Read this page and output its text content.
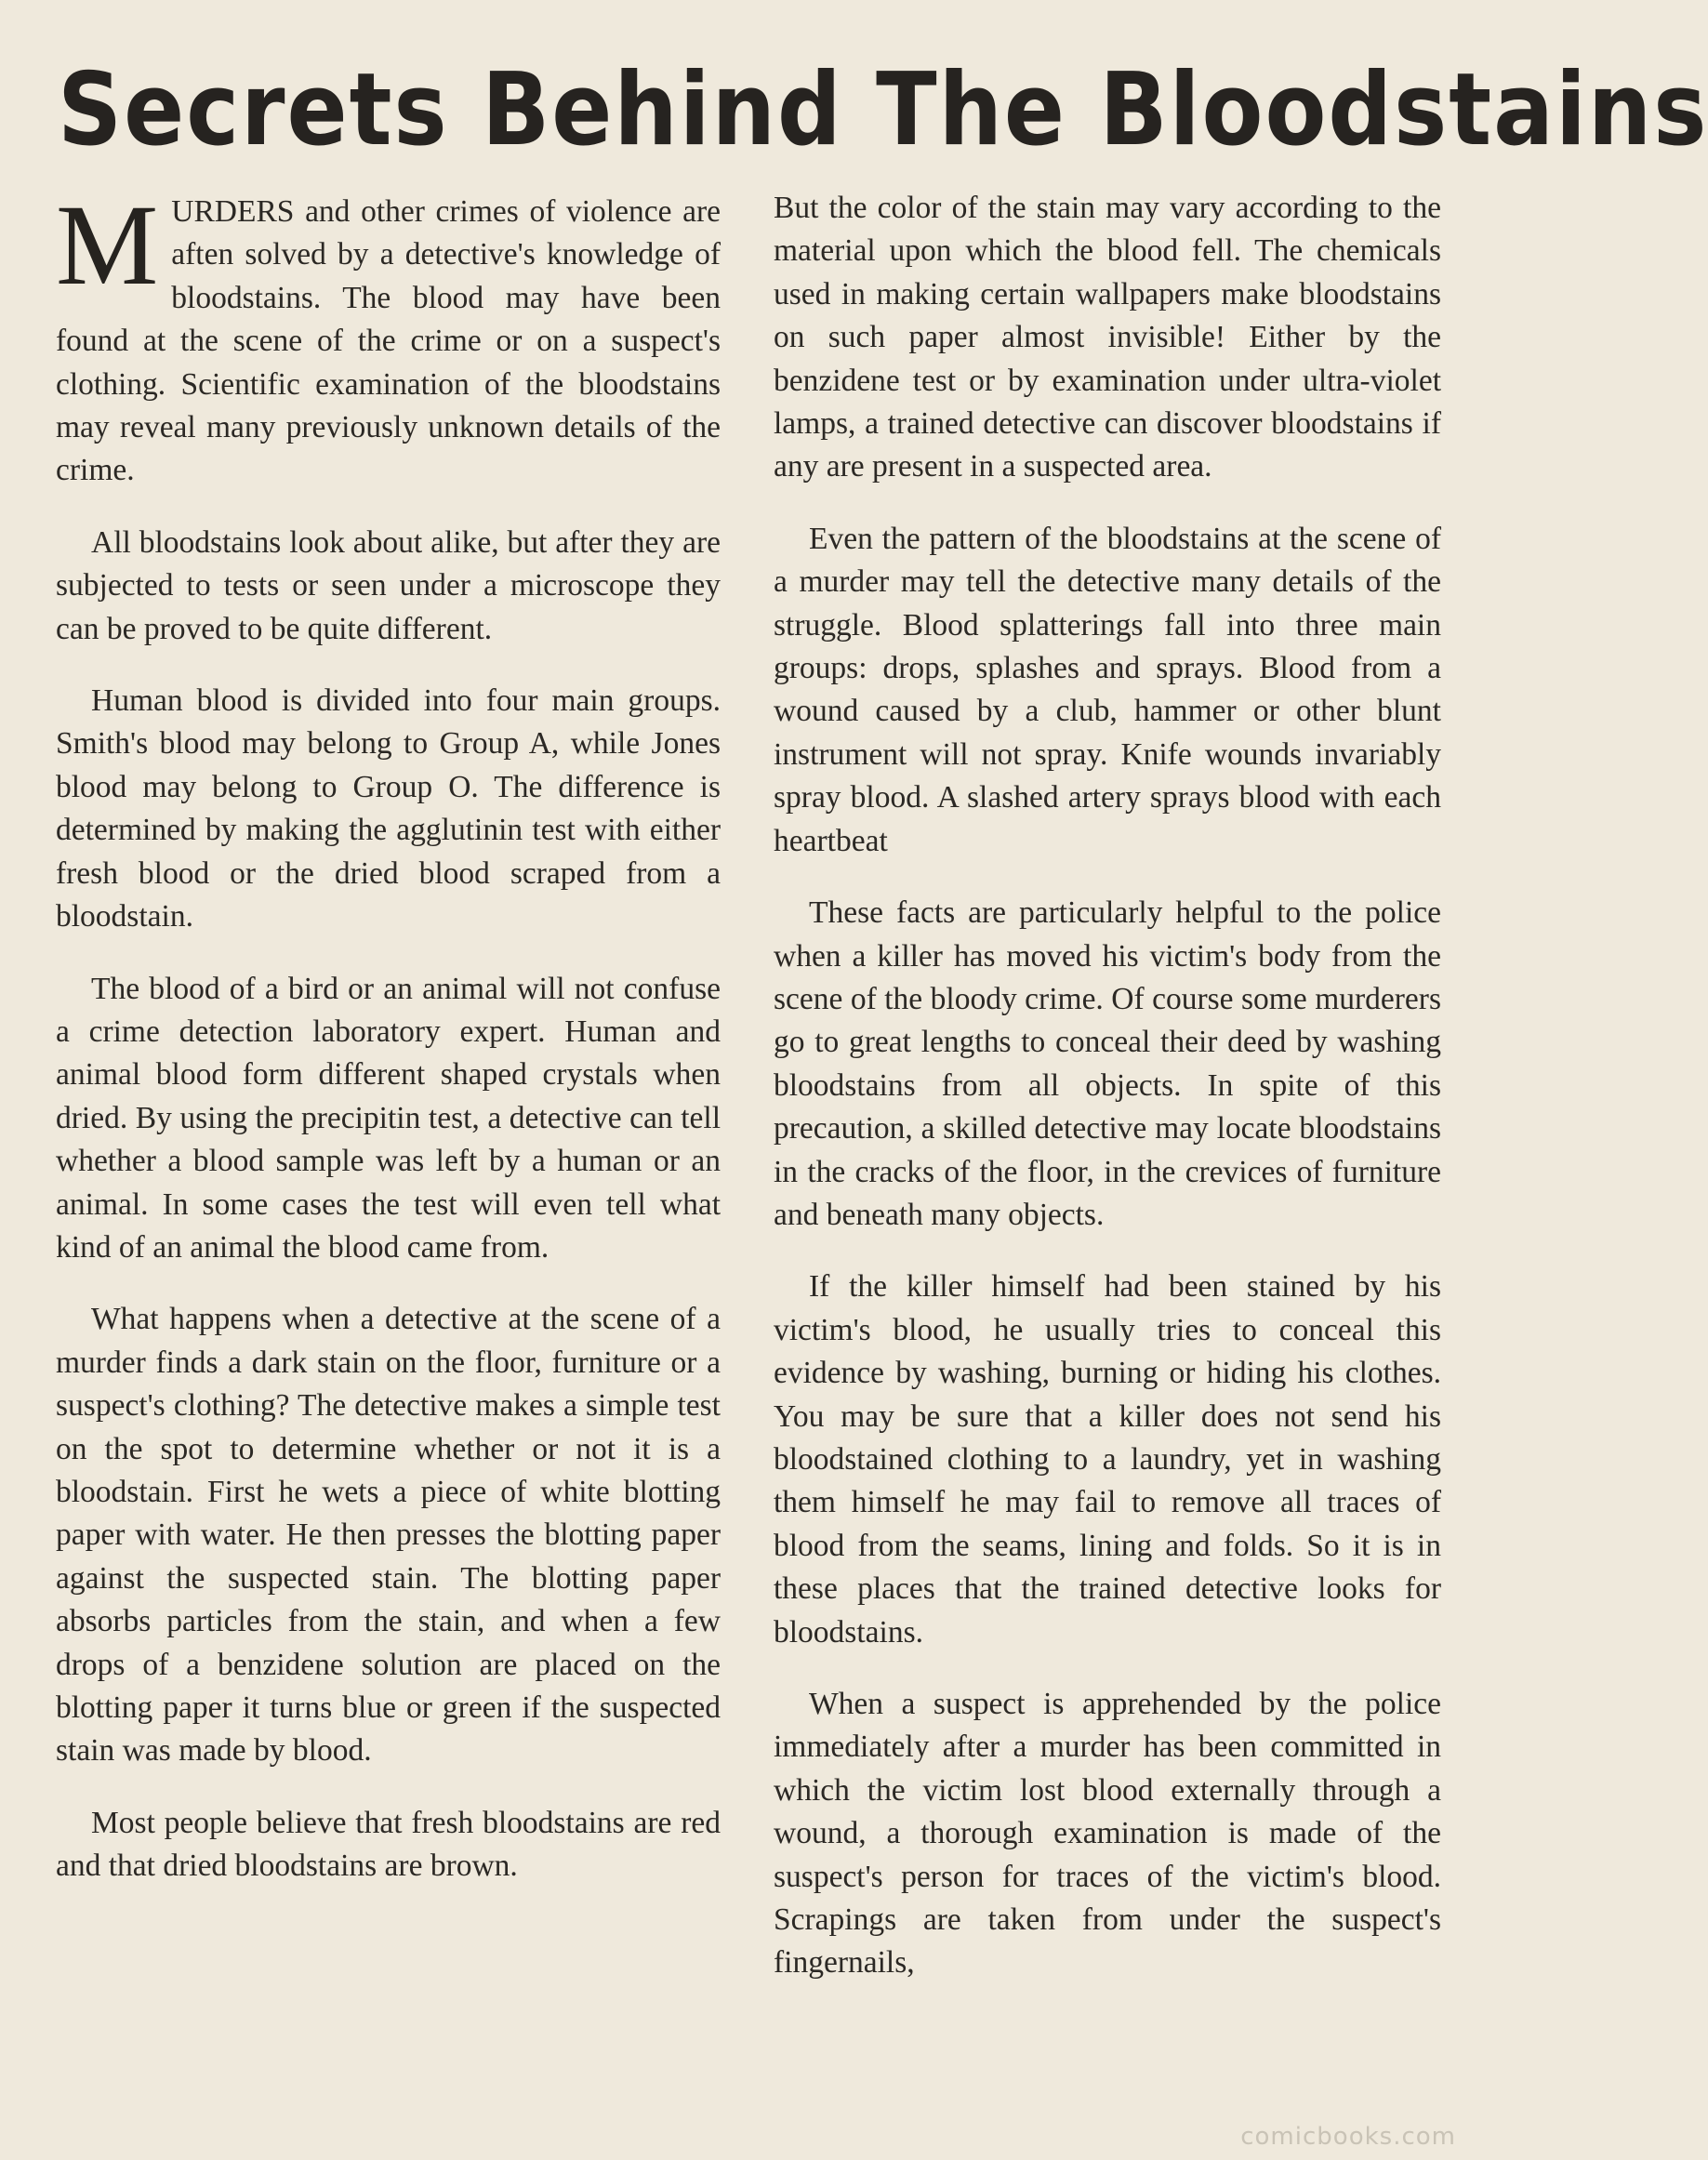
Secrets Behind The Bloodstains

MURDERS and other crimes of violence are aften solved by a detective's knowledge of bloodstains. The blood may have been found at the scene of the crime or on a suspect's clothing. Scientific examination of the bloodstains may reveal many previously unknown details of the crime.

All bloodstains look about alike, but after they are subjected to tests or seen under a microscope they can be proved to be quite different.

Human blood is divided into four main groups. Smith's blood may belong to Group A, while Jones blood may belong to Group O. The difference is determined by making the agglutinin test with either fresh blood or the dried blood scraped from a bloodstain.

The blood of a bird or an animal will not confuse a crime detection laboratory expert. Human and animal blood form different shaped crystals when dried. By using the precipitin test, a detective can tell whether a blood sample was left by a human or an animal. In some cases the test will even tell what kind of an animal the blood came from.

What happens when a detective at the scene of a murder finds a dark stain on the floor, furniture or a suspect's clothing? The detective makes a simple test on the spot to determine whether or not it is a bloodstain. First he wets a piece of white blotting paper with water. He then presses the blotting paper against the suspected stain. The blotting paper absorbs particles from the stain, and when a few drops of a benzidene solution are placed on the blotting paper it turns blue or green if the suspected stain was made by blood.

Most people believe that fresh bloodstains are red and that dried bloodstains are brown.

But the color of the stain may vary according to the material upon which the blood fell. The chemicals used in making certain wallpapers make bloodstains on such paper almost invisible! Either by the benzidene test or by examination under ultra-violet lamps, a trained detective can discover bloodstains if any are present in a suspected area.

Even the pattern of the bloodstains at the scene of a murder may tell the detective many details of the struggle. Blood splatterings fall into three main groups: drops, splashes and sprays. Blood from a wound caused by a club, hammer or other blunt instrument will not spray. Knife wounds invariably spray blood. A slashed artery sprays blood with each heartbeat

These facts are particularly helpful to the police when a killer has moved his victim's body from the scene of the bloody crime. Of course some murderers go to great lengths to conceal their deed by washing bloodstains from all objects. In spite of this precaution, a skilled detective may locate bloodstains in the cracks of the floor, in the crevices of furniture and beneath many objects.

If the killer himself had been stained by his victim's blood, he usually tries to conceal this evidence by washing, burning or hiding his clothes. You may be sure that a killer does not send his bloodstained clothing to a laundry, yet in washing them himself he may fail to remove all traces of blood from the seams, lining and folds. So it is in these places that the trained detective looks for bloodstains.

When a suspect is apprehended by the police immediately after a murder has been committed in which the victim lost blood externally through a wound, a thorough examination is made of the suspect's person for traces of the victim's blood. Scrapings are taken from under the suspect's fingernails,

comicbooks.com
